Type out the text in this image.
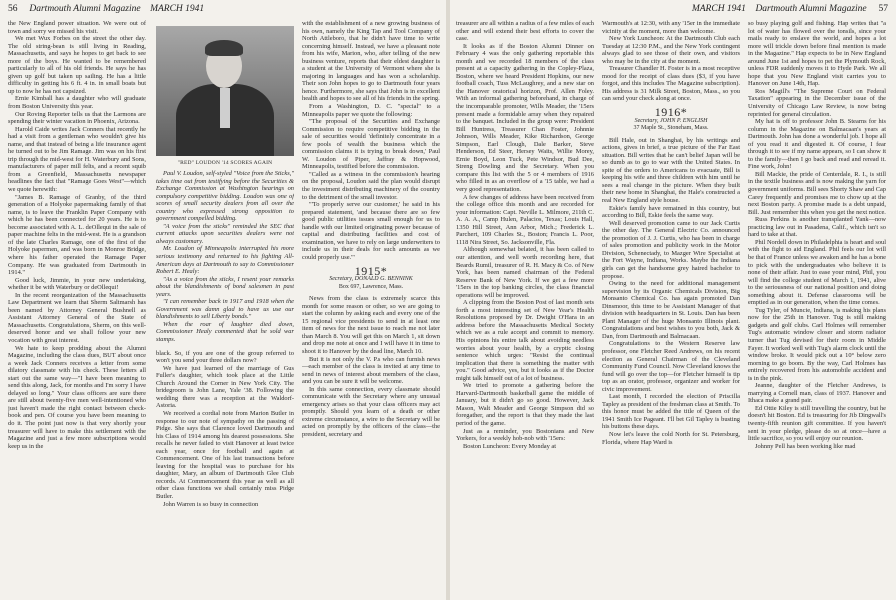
56 Dartmouth Alumni Magazine MARCH 1941

the New England power situation. We were out of town and sorry we missed his visit.

We met Wux Forbes on the street the other day. The old string-bean is still living in Reading, Massachusetts, and says he hopes to get back to see more of the boys. He wanted to be remembered particularly to all of his old friends. He says he has given up golf but taken up sailing. He has a little difficulty in getting his 6 ft. 4 in. in small boats but up to now he has not capsized.

Ernie Kimball has a daughter who will graduate from Boston University this year.

Our Roving Reporter tells us that the Larmons are spending their winter vacation in Phoenix, Arizona.

Harold Caide writes Jack Conners that recently he had a visit from a gentleman who wouldn't give his name, and that instead of being a life insurance agent he turned out to be Jim Ramage. Jim was on his first trip through the mid-west for H. Waterbury and Sons, manufacturers of paper mill felts, and a recent squib from a Greenfield, Massachusetts newspaper headlines the fact that "Ramage Goes West"—which we quote herewith:

"James B. Ramage of Granby, of the third generation of a Holyoke papermaking family of that name, is to leave the Franklin Paper Company with which he has been connected for 20 years. He is to become associated with A. L. deOllequi in the sale of paper machine felts in the mid-west. He is a grandson of the late Charles Ramage, one of the first of the Holyoke papermen, and was born in Monroe Bridge, where his father operated the Ramage Paper Company. He was graduated from Dartmouth in 1914."

Good luck, Jimmie, in your new undertaking, whether it be with Waterbury or deOllequi!

In the recent reorganization of the Massachusetts Law Department we learn that Sherm Saltmarsh has been named by Attorney General Bushnell as Assistant Attorney General of the State of Massachusetts. Congratulations, Sherm, on this well-deserved honor and we shall follow your new vocation with great interest.

We hate to keep prodding about the Alumni Magazine, including the class dues, BUT about once a week Jack Conners receives a letter from some dilatory classmate with his check. These letters all start out the same way—"I have been meaning to send this along, Jack, for months and I'm sorry I have delayed so long." Your class officers are sure there are still about twenty-five men well-intentioned who just haven't made the right contact between check-book and pen. Of course you have been meaning to do it. The point just now is that very shortly your treasurer will have to make this settlement with the Magazine and just a few more subscriptions would keep us in the

"RED" LOUDON '14 SCORES AGAIN

Paul V. Loudon, self-styled "Voice from the Sticks," takes time out from testifying before the Securities & Exchange Commission at Washington hearings on compulsory competitive bidding. Loudon was one of scores of small security dealers from all over the country who expressed strong opposition to government compelled bidding.

"A voice from the sticks" reminded the SEC that current attacks upon securities dealers were not always customary.

Mr. Loudon of Minneapolis interrupted his more serious testimony and returned to his fighting All-American days at Dartmouth to say to Commissioner Robert E. Healy:

"As a voice from the sticks, I resent your remarks about the blandishments of bond salesmen in past years.

"I can remember back in 1917 and 1918 when the Government was damn glad to have us use our blandishments to sell Liberty bonds."

When the roar of laughter died down, Commissioner Healy commented that he sold war stamps.

black. So, if you are one of the group referred to won't you send your three dollars now?

We have just learned of the marriage of Gus Fuller's daughter, which took place at the Little Church Around the Corner in New York City. The bridegroom is John Lane, Yale '38. Following the wedding there was a reception at the Waldorf-Astoria.

We received a cordial note from Marion Butler in response to our note of sympathy on the passing of Pidge. She says that Clarence loved Dartmouth and his Class of 1914 among his dearest possessions. She recalls he never failed to visit Hanover at least twice each year, once for football and again at Commencement. One of his last transactions before leaving for the hospital was to purchase for his daughter, Mary, an album of Dartmouth Glee Club records. At Commencement this year as well as all other class functions we shall certainly miss Pidge Butler.

John Warren is so busy in connection

with the establishment of a new growing business of his own, namely the King Tap and Tool Company of North Attleboro, that he didn't have time to write concerning himself. Instead, we have a pleasant note from his wife, Marion, who, after telling of the new business venture, reports that their eldest daughter is a student at the University of Vermont where she is majoring in languages and has won a scholarship. Their son John hopes to go to Dartmouth four years hence. Furthermore, she says that John is in excellent health and hopes to see all of his friends in the spring.

From a Washington, D. C. "special" to a Minneapolis paper we quote the following:

"The proposal of the Securities and Exchange Commission to require competitive bidding in the sale of securities would 'definitely concentrate in a few pools of wealth the business which the commission claims it is trying to break down,' Paul W. Loudon of Piper, Jaffray & Hopwood, Minneapolis, testified before the commission.

"Called as a witness in the commission's hearing on the proposal, Loudon said the plan would disrupt the investment distributing machinery of the country to the detriment of the small investor.

"'To properly serve our customer,' he said in his prepared statement, 'and because there are so few good public utilities issues small enough for us to handle with our limited originating power because of capital and distributing facilities and cost of examination, we have to rely on large underwriters to include us in their deals for such amounts as we could properly use.'"

1915*
Secretary, DONALD G. BENNINK
Box 697, Lawrence, Mass.

News from the class is extremely scarce this month for some reason or other, so we are going to start the column by asking each and every one of the 15 regional vice presidents to send in at least one item of news for the next issue to reach me not later than March 8. You will get this on March 1, sit down and drop me note at once and I will have it in time to shoot it to Hanover by the dead line, March 10.

But it is not only the V. P.s who can furnish news—each member of the class is invited at any time to send in news of interest about members of the class, and you can be sure it will be welcome.

In this same connection, every classmate should communicate with the Secretary where any unusual emergency arises so that your class officers may act promptly. Should you learn of a death or other extreme circumstance, a wire to the Secretary will be acted on promptly by the officers of the class—the president, secretary and

MARCH 1941 Dartmouth Alumni Magazine 57

treasurer are all within a radius of a few miles of each other and will extend their best efforts to cover the case.

It looks as if the Boston Alumni Dinner on February 4 was the only gathering reportable this month and we recorded 18 members of the class present at a capacity gathering in the Copley-Plaza, Boston, where we heard President Hopkins, our new football coach, Tuss McLaughrey, and a new star on the Hanover oratorical horizon, Prof. Allen Foley. With an informal gathering beforehand, in charge of the incomparable promoter, Wills Meader, the '15ers present made a formidable array when they repaired to the banquet. Included in the group were: President Bill Huntress, Treasurer Chan Foster, Johnnie Johnson, Wills Meader, Kike Richardson, George Simpson, Earl Clough, Dale Barker, Steve Henderson, Ed Steer, Hersey Waits, Willie Morey, Ernie Boyd, Leon Tuck, Pete Windsor, Bud Dee, Streng Dowling and the Secretary. When you compare this list with the 5 or 4 members of 1916 who filled in as an overflow of a '15 table, we had a very good representation.

A few changes of address have been received from the college office this month and are recorded for your information: Capt. Neville L. Milmore, 211th C. A. A. A., Camp Hulen, Palacios, Texas; Louis Hall, 1350 Hill Street, Ann Arbor, Mich.; Frederick L. Parchert, 109 Charles St., Boston; Francis L. Poor, 1118 Nira Street, So. Jacksonville, Fla.

Although somewhat belated, it has been called to our attention, and well worth recording here, that Beards Rumil, treasurer of R. H. Macy & Co. of New York, has been named chairman of the Federal Reserve Bank of New York. If we get a few more '15ers in the top banking circles, the class financial operations will be improved.

A clipping from the Boston Post of last month sets forth a most interesting set of New Year's Health Resolutions proposed by Dr. Dwight O'Hara in an address before the Massachusetts Medical Society which we as a rule accept and commit to memory. His opinions his entire talk about avoiding needless worries about your health, by a cryptic closing sentence which urges: "Resist the continual implication that there is something the matter with you." Good advice, yes, but it looks as if the Doctor might talk himself out of a lot of business.

We tried to promote a gathering before the Harvard-Dartmouth basketball game the middle of January, but it didn't go so good. However, Jack Mason, Walt Meader and George Simpson did so foregather, and the report is that they made the last period of the game.

Just as a reminder, you Bostonians and New Yorkers, for a weekly hob-nob with '15ers:

Boston Luncheon: Every Monday at

Warmouth's at 12:30, with any '15er in the immediate vicinity at the moment, more than welcome.

New York Luncheon: At the Dartmouth Club each Tuesday at 12:30 P.M., and the New York contingent always glad to see those of their own, and visitors who may be in the city at the moment.

Treasurer Chandler H. Foster is in a most receptive mood for the receipt of class dues ($3, if you have forgot, and this includes The Magazine subscription). His address is 31 Milk Street, Boston, Mass., so you can send your check along at once.

1916*
Secretary, JOHN P. ENGLISH
37 Maple St., Stoneham, Mass.

Bill Hale, out in Shanghai, by his writings and actions, gives in brief, a true picture of the Far East situation. Bill writes that he can't belief Japan will be so dumb as to go to war with the United States. In spite of the orders to Americans to evacuate, Bill is keeping his wife and three children with him until he sees a real change in the picture. When they built their new home in Shanghai, the Hale's constructed a real New England style house.

Eskie's family have remained in this country, but according to Bill, Eskie feels the same way.

Well deserved promotion came to our Jack Curtis the other day. The General Electric Co. announced the promotion of J. J. Curtis, who has been in charge of sales promotion and publicity work in the Motor Division, Schenectady, to Mazger Wire Specialist at the Fort Wayne, Indiana, Works. Maybe the Indiana girls can get the handsome grey haired bachelor to propose.

Owing to the need for additional management supervision by its Organic Chemicals Division, Big Monsanto Chemical Co. has again promoted Dan Dinsmoor, this time to be Assistant Manager of that division with headquarters in St. Louis. Dan has been Plant Manager of the huge Monsanto Illinois plant. Congratulations and best wishes to you both, Jack & Dan, from Dartmouth and Balmacaan.

Congratulations to the Western Reserve law professor, one Fletcher Reed Andrews, on his recent election as General Chairman of the Cleveland Community Fund Council. Now Cleveland knows the fund will go over the top—for Fletcher himself is tip top as an orator, professor, organizer and worker for civic improvement.

Last month, I recorded the election of Priscilla Tapley as president of the freshman class at Smith. To this honor must be added the title of Queen of the 1941 Smith Ice Pageant. I'll bet Gil Tapley is busting his buttons these days.

Now let's leave the cold North for St. Petersburg, Florida, where Hap Ward is

so busy playing golf and fishing. Hap writes that "a lot of water has flowed over the tonsils, since your mails ready to enslave the world, and hopes a lot more will trickle down before final mention is made in the Magazine." Hap expects to be in New England around June 1st and hopes to pet the Plymouth Rock, unless FDR suddenly moves it to Hyde Park. We all hope that you New England visit carries you to Hanover on June 14th, Hap.

Ros Magill's "The Supreme Court on Federal Taxation" appearing in the December issue of the University of Chicago Law Review, is now being reprinted for general circulation.

My hat is off to professor John B. Stearns for his column in the Magazine on Balmacaan's years at Dartmouth. John has done a wonderful job. I hope all of you read it and digested it. Of course, I fear through it to see if my name appears, so I can show it to the family—then I go back and read and reread it. Fine work, John!

Bill Mackie, the pride of Centerdale, R. I., is still in the textile business and is now making the yarn for government uniforms. Bill sees Shorty Shaw and Cap Carey frequently and promises me to chow up at the next Boston party. A promise made is a debt unpaid, Bill. Just remember this when you get the next notice.

Russ Perkins is another transplanted Yank—now practicing law out in Pasadena, Calif., which isn't so hard to take at that.

Phil Nordell down in Philadelphia is heart and soul with the fight to aid England. Phil feels our lot will be that of France unless we awaken and he has a bone to pick with the undergraduates who believe it is none of their affair. Just to ease your mind, Phil, you will find the college student of March 1, 1941, alive to the seriousness of our national position and doing something about it. Defense classrooms will be emptied as in our generation, when the time comes.

Tug Tyler, of Muncie, Indiana, is making his plans now for the 25th in Hanover. Tug is still making gadgets and golf clubs. Carl Holmes will remember Tug's automatic window closer and storm radiator turner that Tug devised for their room in Middle Fayer. It worked well with Tug's alarm clock until the window broke. It would pick out a 10° below zero morning to go boom. By the way, Carl Holmes has entirely recovered from his automobile accident and is in the pink.

Jeanne, daughter of the Fletcher Andrews, is marrying a Cornell man, class of 1937. Hanover and Ithaca make a grand pair.

Ed Ottie Kiley is still travelling the country, but he doesn't hit Boston. Ed is treasuring for Jib Dingwall's twenty-fifth reunion gift committee. If you haven't sent in your pledge, please do so at once—have a little sacrifice, so you will enjoy our reunion.

Johnny Pell has been working like mad
